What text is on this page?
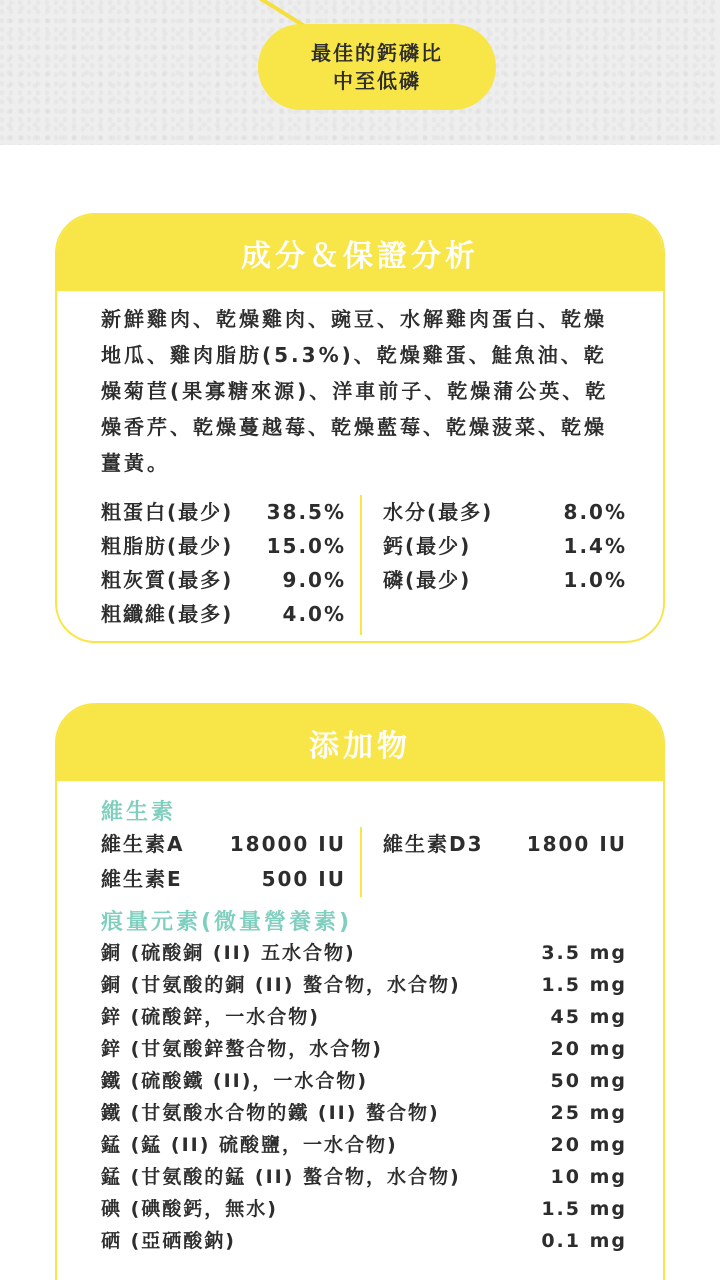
最佳的鈣磷比
中至低磷
成分＆保證分析

新鮮雞肉、乾燥雞肉、豌豆、水解雞肉蛋白、乾燥地瓜、雞肉脂肪(5.3%)、乾燥雞蛋、鮭魚油、乾燥菊苣(果寡糖來源)、洋車前子、乾燥蒲公英、乾燥香芹、乾燥蔓越莓、乾燥藍莓、乾燥菠菜、乾燥薑黃。

粗蛋白(最少) 38.5%
粗脂肪(最少) 15.0%
粗灰質(最多) 9.0%
粗纖維(最多) 4.0%
水分(最多)	8.0%
鈣(最少)	1.4%
磷(最少)	1.0%
添加物
維生素
維生素A 18000 IU
維生素E	500 IU
維生素D3 1800 IU
痕量元素(微量營養素)
銅 (硫酸銅 (II) 五水合物)	3.5 mg
銅 (甘氨酸的銅 (II) 螯合物，水合物)	1.5 mg
鋅 (硫酸鋅，一水合物)	45 mg
鋅 (甘氨酸鋅螯合物，水合物)	20 mg
鐵 (硫酸鐵 (II)，一水合物)	50 mg
鐵 (甘氨酸水合物的鐵 (II) 螯合物)	25 mg
錳 (錳 (II) 硫酸鹽，一水合物)	20 mg
錳 (甘氨酸的錳 (II) 螯合物，水合物)	10 mg
碘 (碘酸鈣，無水)	1.5 mg
硒 (亞硒酸鈉)	0.1 mg
